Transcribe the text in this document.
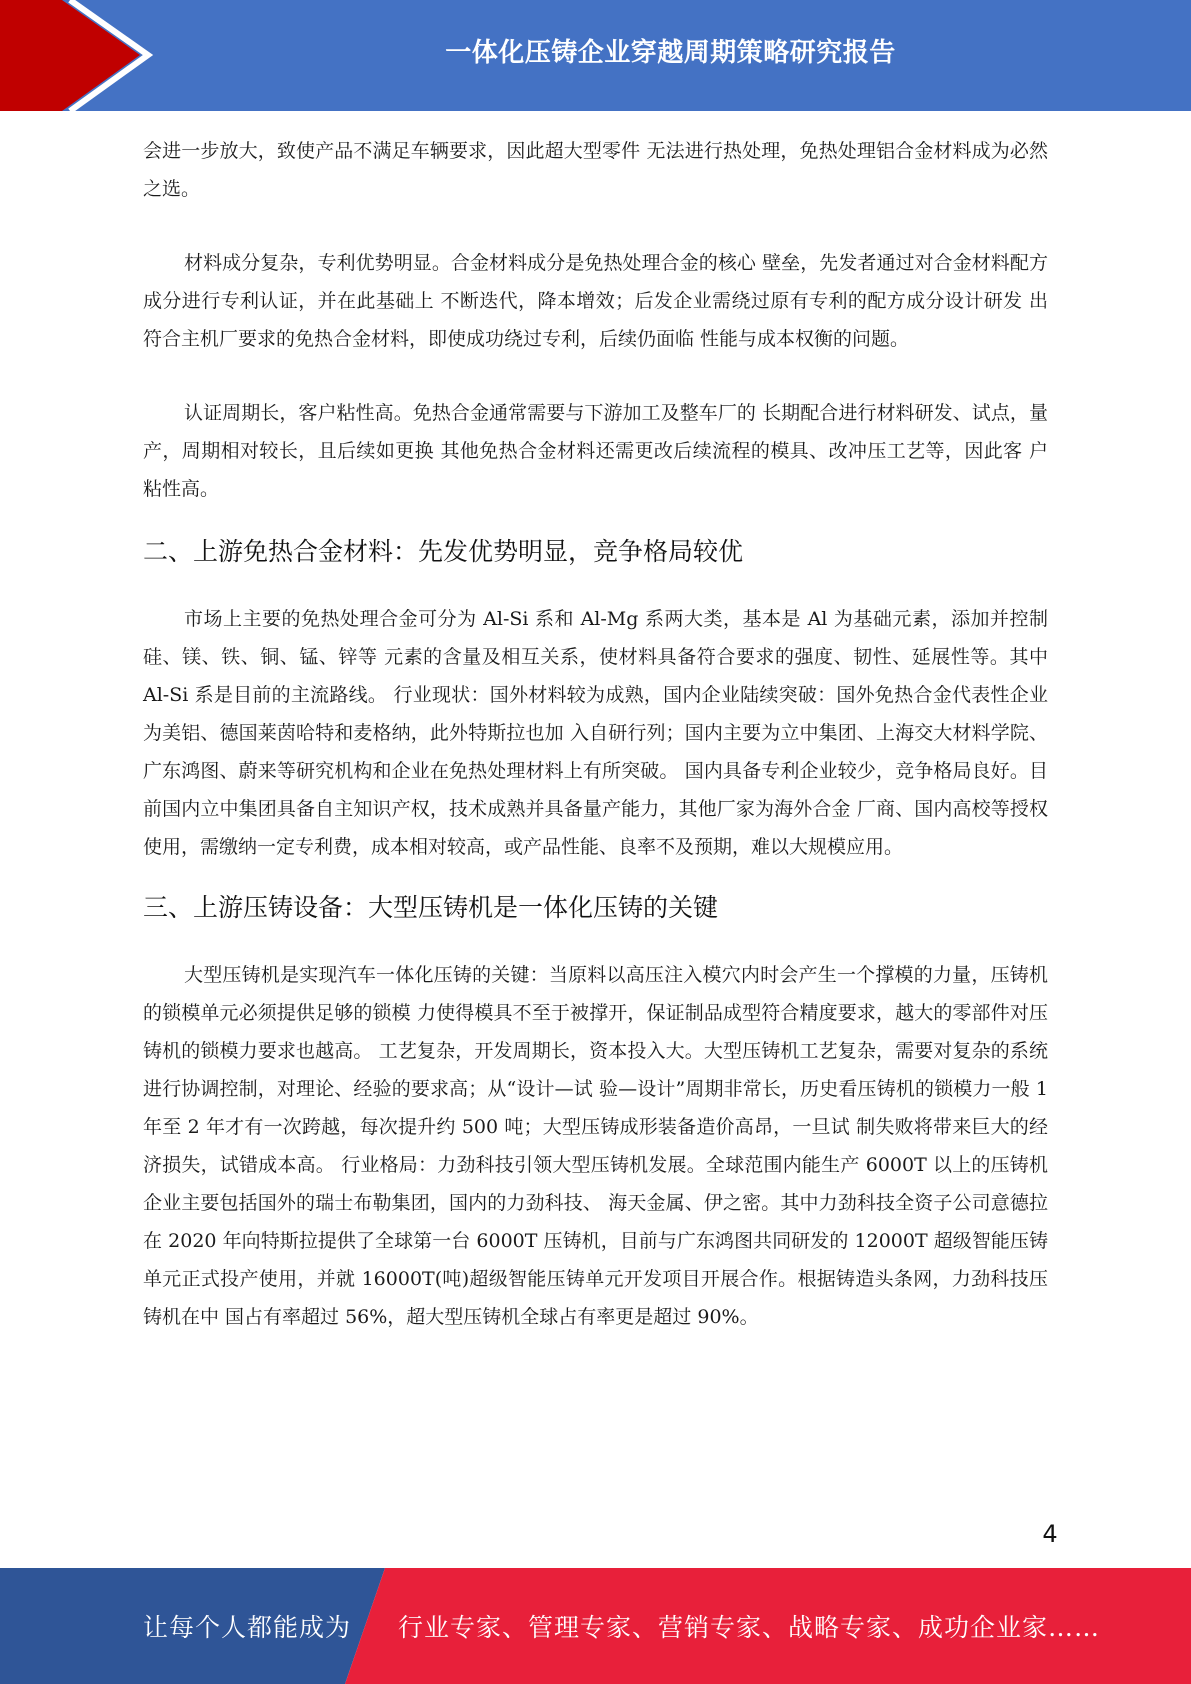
一体化压铸企业穿越周期策略研究报告

会进一步放大，致使产品不满足车辆要求，因此超大型零件 无法进行热处理，免热处理铝合金材料成为必然之选。

材料成分复杂，专利优势明显。合金材料成分是免热处理合金的核心 壁垒，先发者通过对合金材料配方成分进行专利认证，并在此基础上 不断迭代，降本增效；后发企业需绕过原有专利的配方成分设计研发 出符合主机厂要求的免热合金材料，即使成功绕过专利，后续仍面临 性能与成本权衡的问题。

认证周期长，客户粘性高。免热合金通常需要与下游加工及整车厂的 长期配合进行材料研发、试点，量产，周期相对较长，且后续如更换 其他免热合金材料还需更改后续流程的模具、改冲压工艺等，因此客 户粘性高。

二、上游免热合金材料：先发优势明显，竞争格局较优

市场上主要的免热处理合金可分为 Al-Si 系和 Al-Mg 系两大类，基本是 Al 为基础元素，添加并控制硅、镁、铁、铜、锰、锌等 元素的含量及相互关系，使材料具备符合要求的强度、韧性、延展性等。其中 Al-Si 系是目前的主流路线。 行业现状：国外材料较为成熟，国内企业陆续突破：国外免热合金代表性企业为美铝、德国莱茵哈特和麦格纳，此外特斯拉也加 入自研行列；国内主要为立中集团、上海交大材料学院、广东鸿图、蔚来等研究机构和企业在免热处理材料上有所突破。 国内具备专利企业较少，竞争格局良好。目前国内立中集团具备自主知识产权，技术成熟并具备量产能力，其他厂家为海外合金 厂商、国内高校等授权使用，需缴纳一定专利费，成本相对较高，或产品性能、良率不及预期，难以大规模应用。

三、上游压铸设备：大型压铸机是一体化压铸的关键

大型压铸机是实现汽车一体化压铸的关键：当原料以高压注入模穴内时会产生一个撑模的力量，压铸机的锁模单元必须提供足够的锁模 力使得模具不至于被撑开，保证制品成型符合精度要求，越大的零部件对压铸机的锁模力要求也越高。 工艺复杂，开发周期长，资本投入大。大型压铸机工艺复杂，需要对复杂的系统进行协调控制，对理论、经验的要求高；从“设计—试 验—设计”周期非常长，历史看压铸机的锁模力一般 1 年至 2 年才有一次跨越，每次提升约 500 吨；大型压铸成形装备造价高昂，一旦试 制失败将带来巨大的经济损失，试错成本高。 行业格局：力劲科技引领大型压铸机发展。全球范围内能生产 6000T 以上的压铸机企业主要包括国外的瑞士布勒集团，国内的力劲科技、 海天金属、伊之密。其中力劲科技全资子公司意德拉在 2020 年向特斯拉提供了全球第一台 6000T 压铸机，目前与广东鸿图共同研发的 12000T 超级智能压铸单元正式投产使用，并就 16000T(吨)超级智能压铸单元开发项目开展合作。根据铸造头条网，力劲科技压铸机在中 国占有率超过 56%，超大型压铸机全球占有率更是超过 90%。

4
让每个人都能成为 行业专家、管理专家、营销专家、战略专家、成功企业家……
